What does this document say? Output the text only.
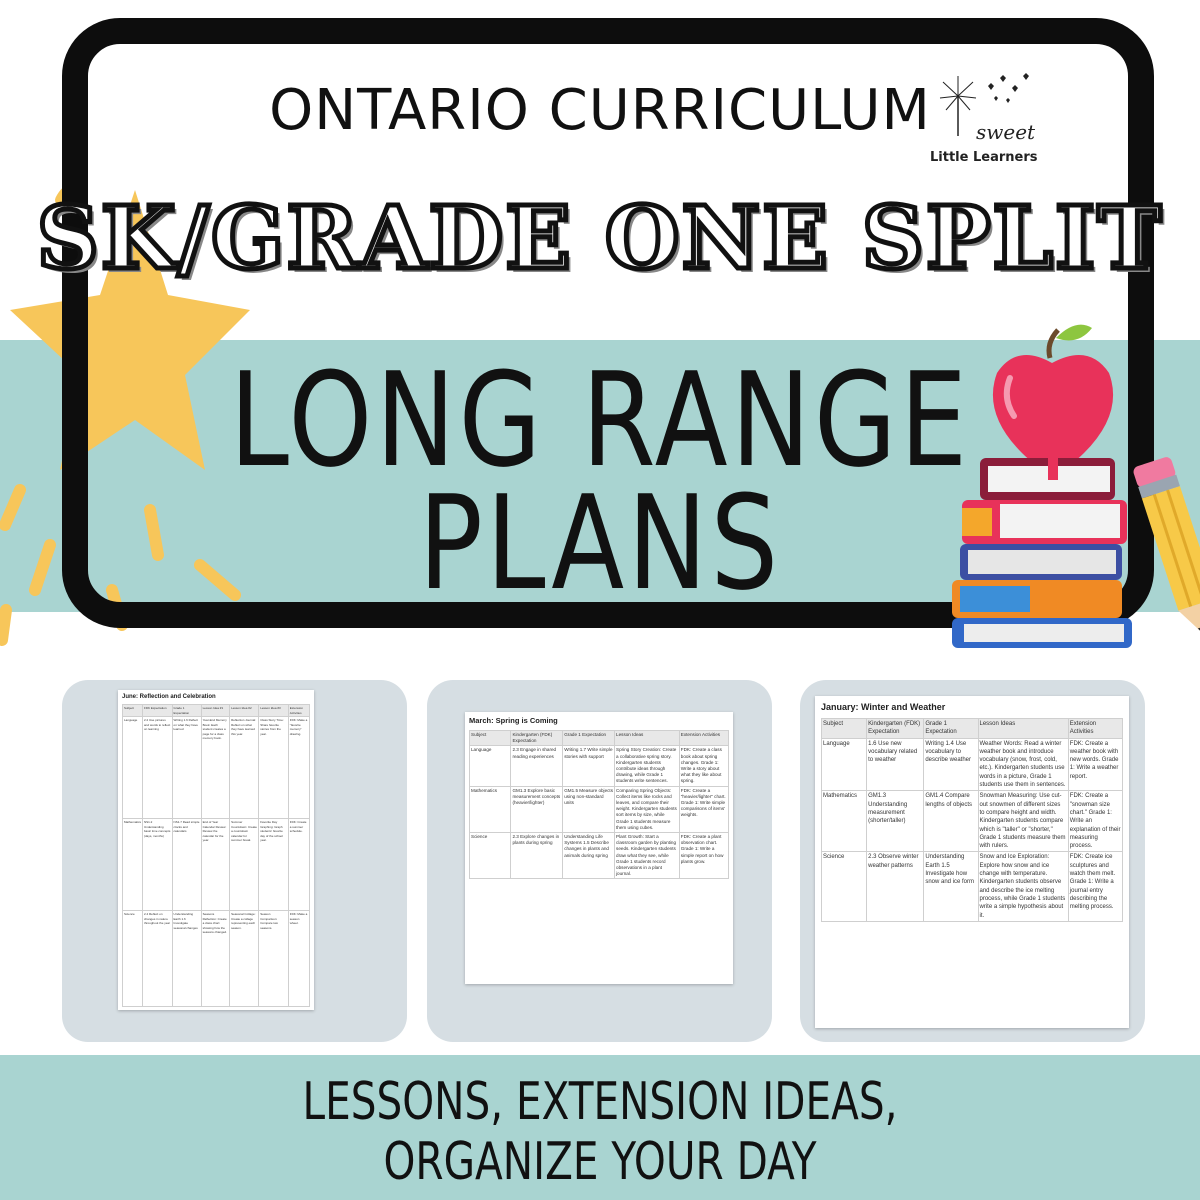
ONTARIO CURRICULUM
SK/GRADE ONE SPLIT
LONG RANGE
PLANS
sweet
Little Learners
June: Reflection and Celebration
Subject	FDK Expectation	Grade 1 Expectation	Lesson Idea #1	Lesson Idea #2	Lesson Idea #3	Extension Activities
Language	2.2 Use pictures and words to reflect on learning	Writing 1.6 Reflect on what they have learned	Year-End Memory Book: Each student creates a page for a class memory book.	Reflection Journal: Reflect on what they have learned this year.	Class Story Time: Share favorite stories from the year.	FDK: Make a "favorite memory" drawing.
Mathematics	NS1.2 Understanding basic time concepts (days, months)	NS1.7 Read simple clocks and calendars	End of Year Calendar Review: Review the calendar for the year.	Summer Countdown: Create a countdown calendar for summer break.	Favorite Day Graphing: Graph students' favorite day of the school year.	FDK: Create a summer schedule.
Science	2.4 Reflect on changes in nature throughout the year	Understanding Earth 1.6 Investigate seasonal changes	Seasons Reflection: Create a class chart showing how the seasons changed.	Seasonal Collage: Create a collage representing each season.	Season Comparison: Compare two seasons.	FDK: Make a season wheel.
March: Spring is Coming
Subject	Kindergarten (FDK) Expectation	Grade 1 Expectation	Lesson Ideas	Extension Activities
Language	2.3 Engage in shared reading experiences	Writing 1.7 Write simple stories with support	Spring Story Creation: Create a collaborative spring story. Kindergarten students contribute ideas through drawing, while Grade 1 students write sentences.	FDK: Create a class book about spring changes. Grade 1: Write a story about what they like about spring.
Mathematics	GM1.3 Explore basic measurement concepts (heavier/lighter)	GM1.5 Measure objects using non-standard units	Comparing Spring Objects: Collect items like rocks and leaves, and compare their weight. Kindergarten students sort items by size, while Grade 1 students measure them using cubes.	FDK: Create a "heavier/lighter" chart. Grade 1: Write simple comparisons of items' weights.
Science	2.3 Explore changes in plants during spring	Understanding Life Systems 1.5 Describe changes in plants and animals during spring	Plant Growth: Start a classroom garden by planting seeds. Kindergarten students draw what they see, while Grade 1 students record observations in a plant journal.	FDK: Create a plant observation chart. Grade 1: Write a simple report on how plants grow.
January: Winter and Weather
Subject	Kindergarten (FDK) Expectation	Grade 1 Expectation	Lesson Ideas	Extension Activities
Language	1.6 Use new vocabulary related to weather	Writing 1.4 Use vocabulary to describe weather	Weather Words: Read a winter weather book and introduce vocabulary (snow, frost, cold, etc.). Kindergarten students use words in a picture, Grade 1 students use them in sentences.	FDK: Create a weather book with new words. Grade 1: Write a weather report.
Mathematics	GM1.3 Understanding measurement (shorter/taller)	GM1.4 Compare lengths of objects	Snowman Measuring: Use cut-out snowmen of different sizes to compare height and width. Kindergarten students compare which is "taller" or "shorter," Grade 1 students measure them with rulers.	FDK: Create a "snowman size chart." Grade 1: Write an explanation of their measuring process.
Science	2.3 Observe winter weather patterns	Understanding Earth 1.5 Investigate how snow and ice form	Snow and Ice Exploration: Explore how snow and ice change with temperature. Kindergarten students observe and describe the ice melting process, while Grade 1 students write a simple hypothesis about it.	FDK: Create ice sculptures and watch them melt. Grade 1: Write a journal entry describing the melting process.
LESSONS, EXTENSION IDEAS,
ORGANIZE YOUR DAY
